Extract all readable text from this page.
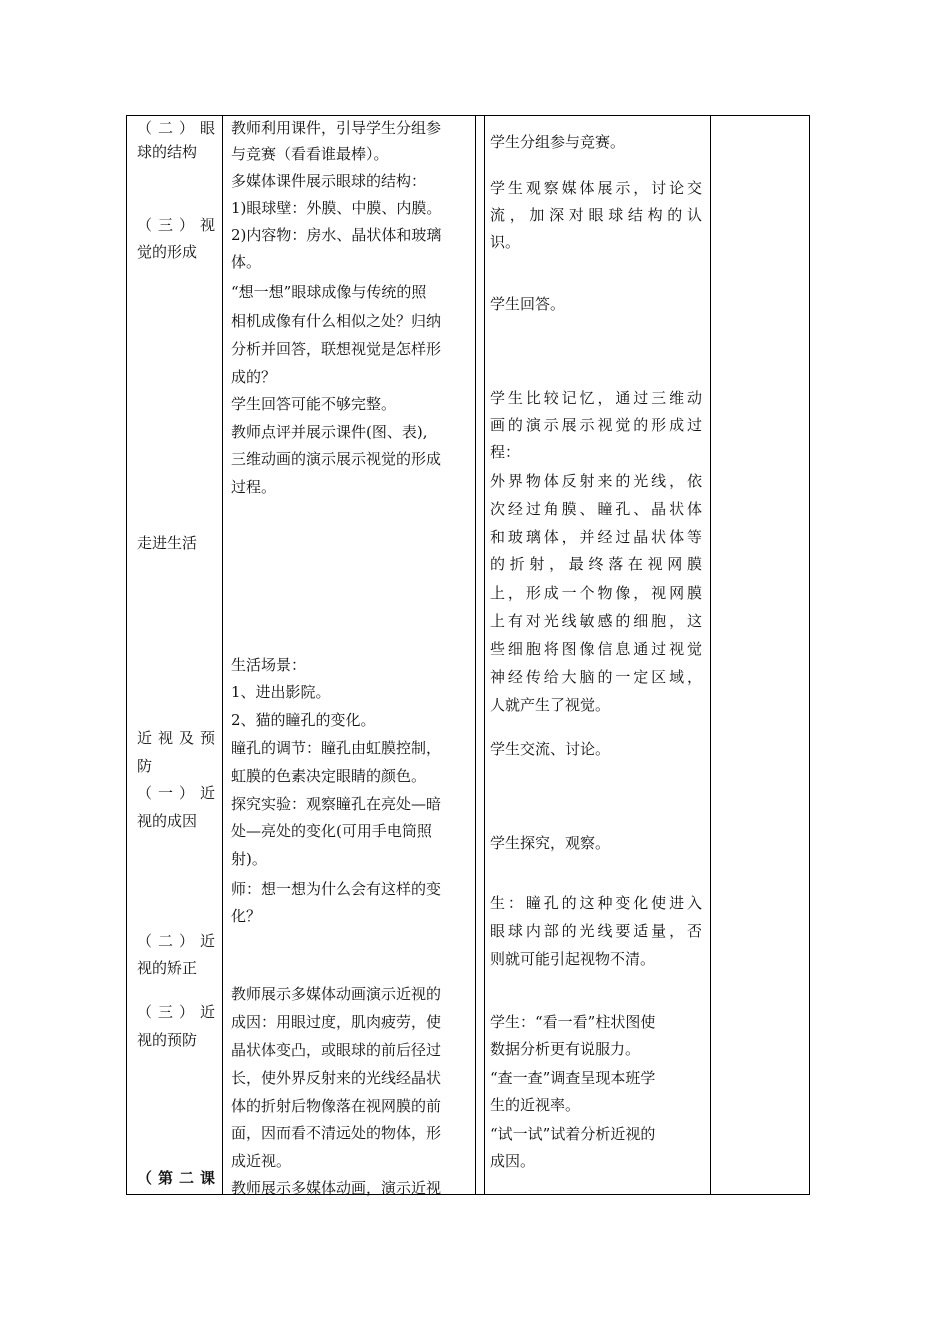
（二）眼

球的结构

（三）视

觉的形成

走进生活

近视及预

防

（一）近

视的成因

（二）近

视的矫正

（三）近

视的预防

（第二课

教师利用课件，引导学生分组参

与竞赛（看看谁最棒）。

多媒体课件展示眼球的结构：

1)眼球壁：外膜、中膜、内膜。

2)内容物：房水、晶状体和玻璃

体。

“想一想”眼球成像与传统的照

相机成像有什么相似之处？归纳

分析并回答，联想视觉是怎样形

成的？

学生回答可能不够完整。

教师点评并展示课件(图、表),

三维动画的演示展示视觉的形成

过程。

生活场景：

1、进出影院。

2、猫的瞳孔的变化。

瞳孔的调节：瞳孔由虹膜控制，

虹膜的色素决定眼睛的颜色。

探究实验：观察瞳孔在亮处—暗

处—亮处的变化(可用手电筒照

射)。

师：想一想为什么会有这样的变

化？

教师展示多媒体动画演示近视的

成因：用眼过度，肌肉疲劳，使

晶状体变凸，或眼球的前后径过

长，使外界反射来的光线经晶状

体的折射后物像落在视网膜的前

面，因而看不清远处的物体，形

成近视。

教师展示多媒体动画，演示近视

学生分组参与竞赛。

学生观察媒体展示，讨论交

流，加深对眼球结构的认

识。

学生回答。

学生比较记忆，通过三维动

画的演示展示视觉的形成过

程：

外界物体反射来的光线，依

次经过角膜、瞳孔、晶状体

和玻璃体，并经过晶状体等

的折射，最终落在视网膜

上，形成一个物像，视网膜

上有对光线敏感的细胞，这

些细胞将图像信息通过视觉

神经传给大脑的一定区域，

人就产生了视觉。

学生交流、讨论。

学生探究，观察。

生：瞳孔的这种变化使进入

眼球内部的光线要适量，否

则就可能引起视物不清。

学生：“看一看”柱状图使

数据分析更有说服力。

“查一查”调查呈现本班学

生的近视率。

“试一试”试着分析近视的

成因。
